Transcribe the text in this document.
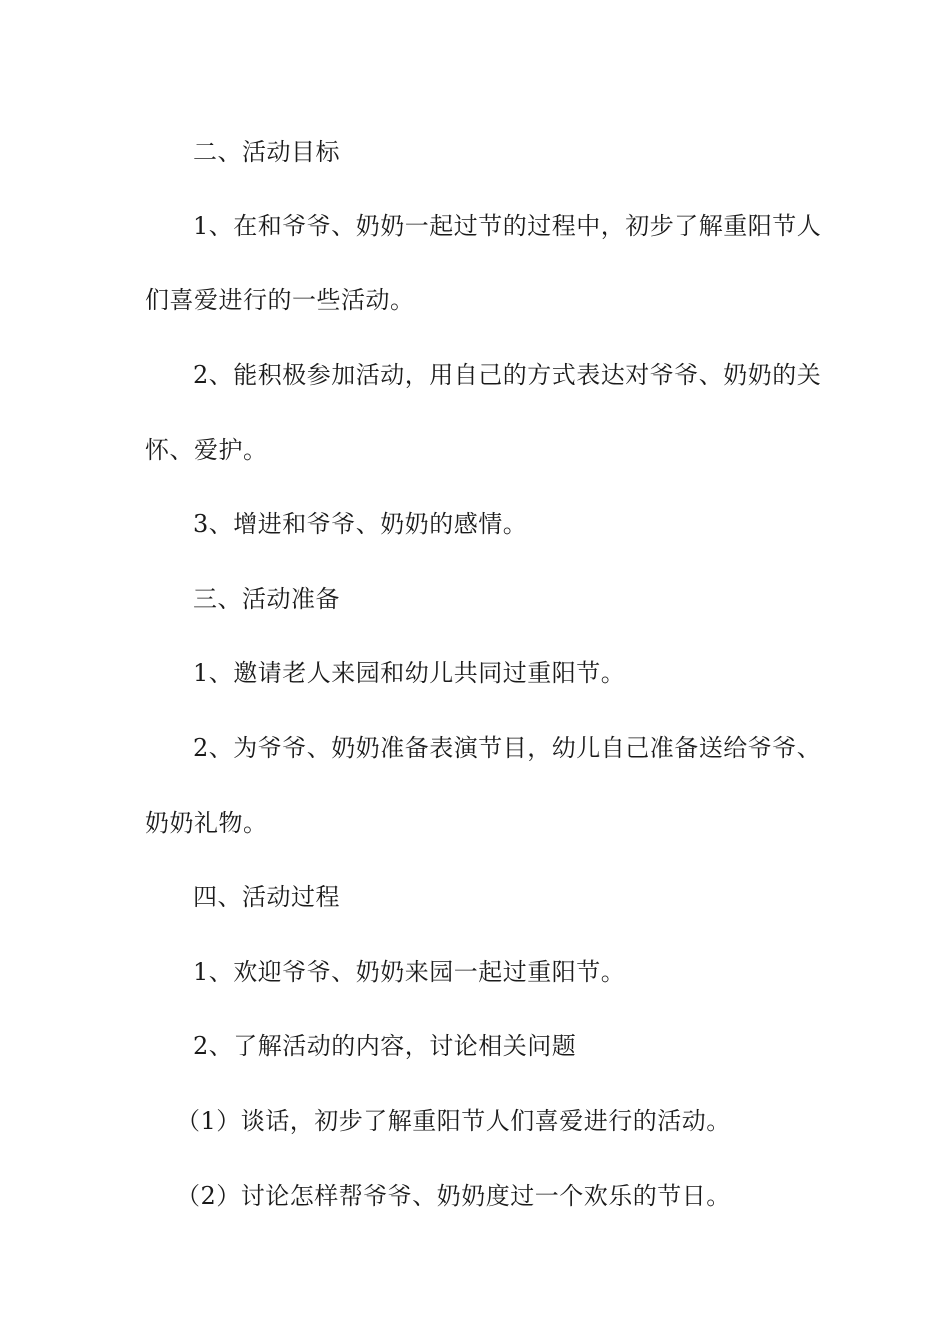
二、活动目标
1、在和爷爷、奶奶一起过节的过程中，初步了解重阳节人
们喜爱进行的一些活动。
2、能积极参加活动，用自己的方式表达对爷爷、奶奶的关
怀、爱护。
3、增进和爷爷、奶奶的感情。
三、活动准备
1、邀请老人来园和幼儿共同过重阳节。
2、为爷爷、奶奶准备表演节目，幼儿自己准备送给爷爷、
奶奶礼物。
四、活动过程
1、欢迎爷爷、奶奶来园一起过重阳节。
2、了解活动的内容，讨论相关问题
（1）谈话，初步了解重阳节人们喜爱进行的活动。
（2）讨论怎样帮爷爷、奶奶度过一个欢乐的节日。
